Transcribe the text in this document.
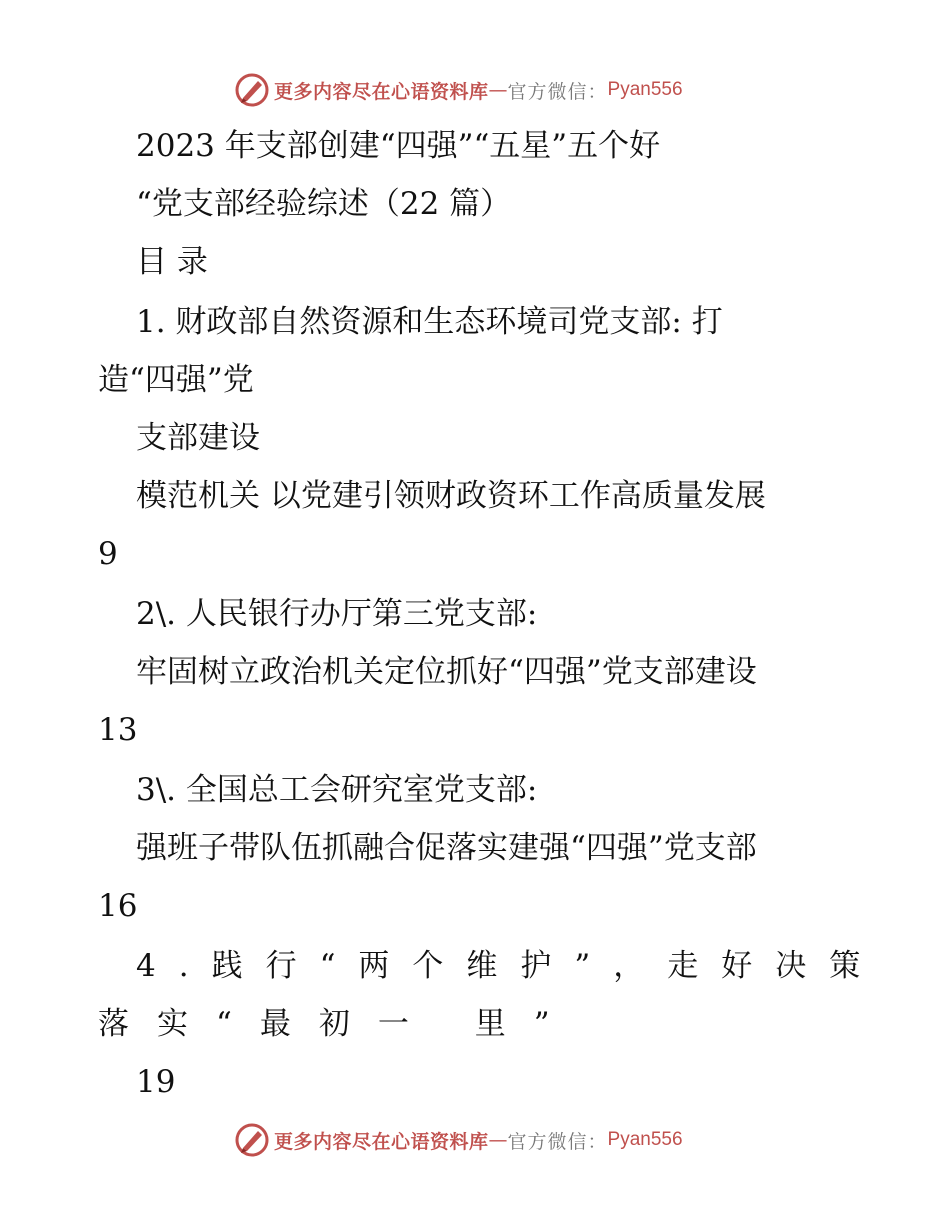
更多内容尽在心语资料库 — 官方微信： Pyan556

2023 年支部创建“四强”“五星”五个好

“党支部经验综述（22 篇）

目 录

1. 财政部自然资源和生态环境司党支部: 打

造“四强”党

支部建设

模范机关 以党建引领财政资环工作高质量发展

9

2\. 人民银行办厅第三党支部:

牢固树立政治机关定位抓好“四强”党支部建设

13

3\. 全国总工会研究室党支部:

强班子带队伍抓融合促落实建强“四强”党支部

16

4.践行“两个维护”，走好决策

落实“最初一 里”

19

更多内容尽在心语资料库 — 官方微信： Pyan556
